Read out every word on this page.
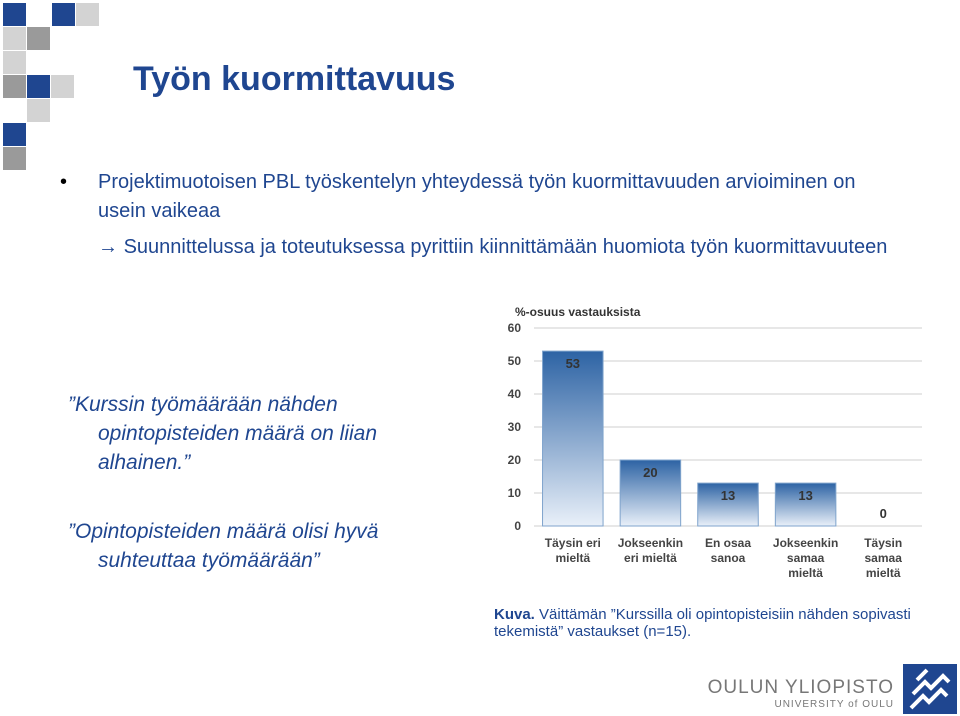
Työn kuormittavuus
• Projektimuotoisen PBL työskentelyn yhteydessä työn kuormittavuuden arvioiminen on usein vaikeaa
→ Suunnittelussa ja toteutuksessa pyrittiin kiinnittämään huomiota työn kuormittavuuteen
”Kurssin työmäärään nähden
opintopisteiden määrä on liian
alhainen.”
”Opintopisteiden määrä olisi hyvä
suhteuttaa työmäärään”
%-osuus vastauksista
0
10
20
30
40
50
60
53
Täysin eri
mieltä
20
Jokseenkin
eri mieltä
13
En osaa
sanoa
13
Jokseenkin
samaa
mieltä
0
Täysin
samaa
mieltä
Kuva. Väittämän ”Kurssilla oli opintopisteisiin nähden sopivasti tekemistä” vastaukset (n=15).
OULUN YLIOPISTO
UNIVERSITY of OULU
